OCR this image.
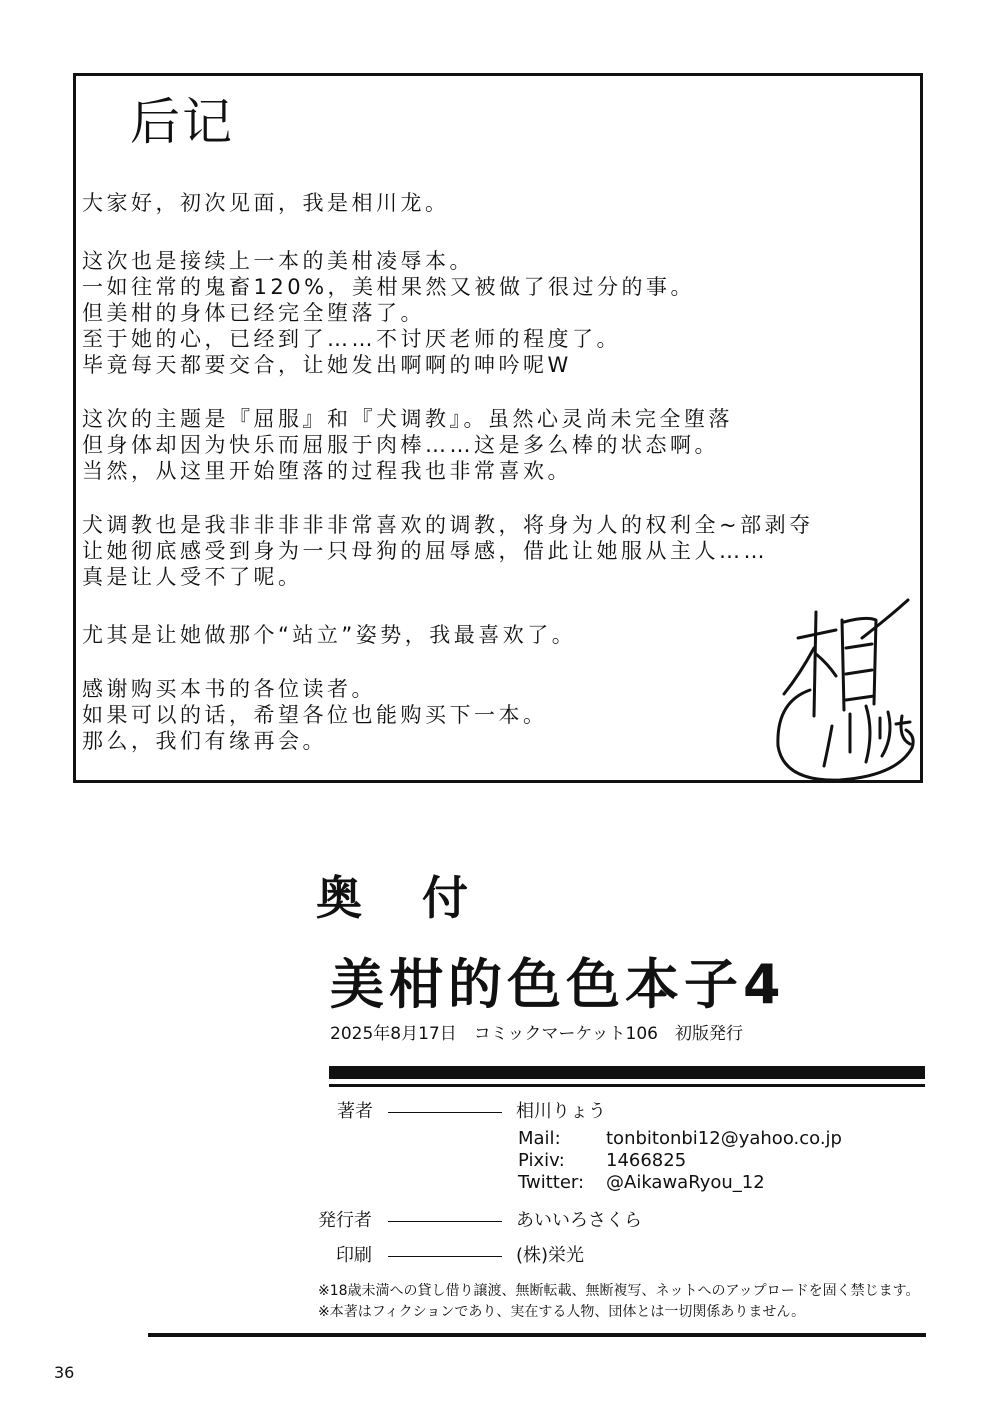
后记
大家好，初次见面，我是相川龙。
这次也是接续上一本的美柑凌辱本。
一如往常的鬼畜120%，美柑果然又被做了很过分的事。
但美柑的身体已经完全堕落了。
至于她的心，已经到了……不讨厌老师的程度了。
毕竟每天都要交合，让她发出啊啊的呻吟呢W
这次的主题是『屈服』和『犬调教』。虽然心灵尚未完全堕落
但身体却因为快乐而屈服于肉棒……这是多么棒的状态啊。
当然，从这里开始堕落的过程我也非常喜欢。
犬调教也是我非非非非非常喜欢的调教，将身为人的权利全~部剥夺
让她彻底感受到身为一只母狗的屈辱感，借此让她服从主人……
真是让人受不了呢。
尤其是让她做那个“站立”姿势，我最喜欢了。
感谢购买本书的各位读者。
如果可以的话，希望各位也能购买下一本。
那么，我们有缘再会。
奥 付
美柑的色色本子4
2025年8月17日　コミックマーケット106　初版発行
著者	相川りょう
Mail:	tonbitonbi12@yahoo.co.jp
Pixiv: 1466825
Twitter: @AikawaRyou_12
発行者	あいいろさくら
印刷	(株)栄光
※18歳未満への貸し借り譲渡、無断転載、無断複写、ネットへのアップロードを固く禁じます。
※本著はフィクションであり、実在する人物、団体とは一切関係ありません。
36
